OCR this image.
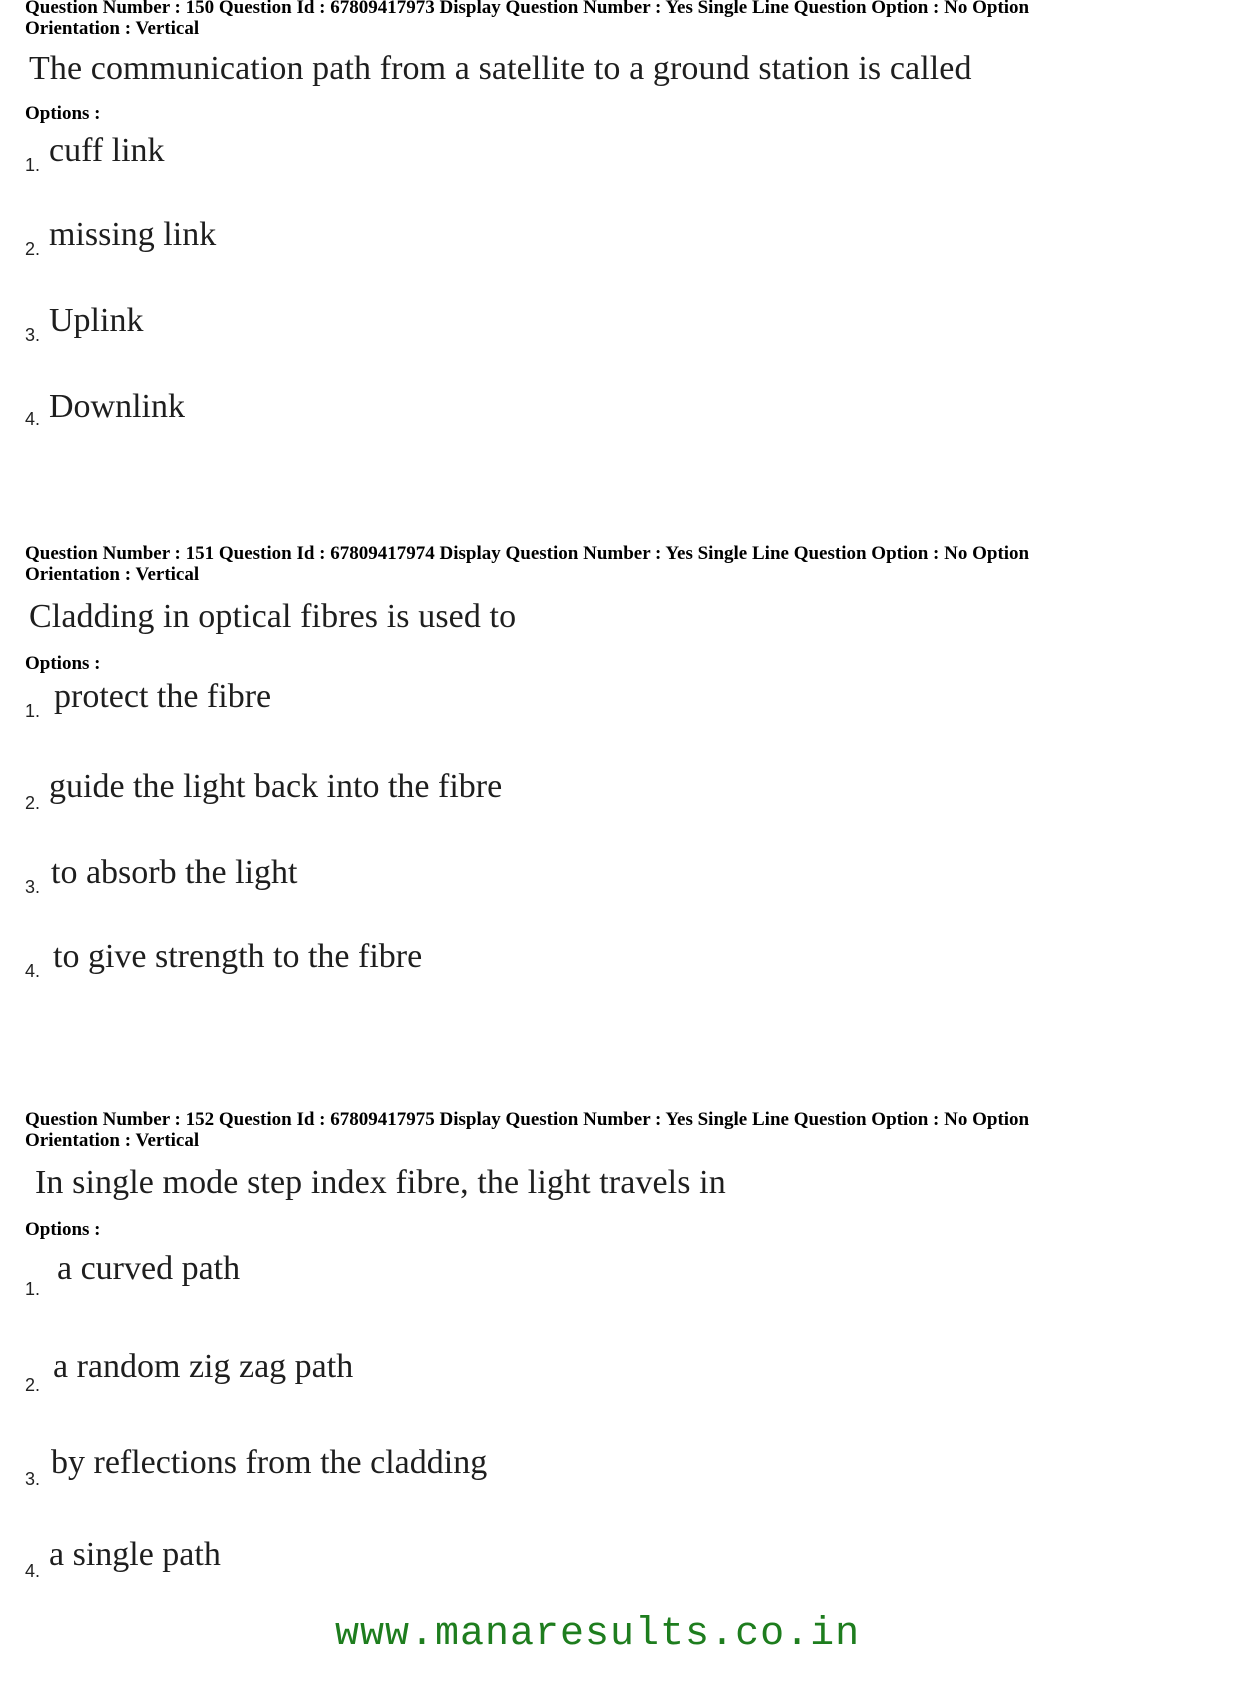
Question Number : 150 Question Id : 67809417973 Display Question Number : Yes Single Line Question Option : No Option
Orientation : Vertical
The communication path from a satellite to a ground station is called
Options :
1. cuff link
2. missing link
3. Uplink
4. Downlink
Question Number : 151 Question Id : 67809417974 Display Question Number : Yes Single Line Question Option : No Option
Orientation : Vertical
Cladding in optical fibres is used to
Options :
1. protect the fibre
2. guide the light back into the fibre
3. to absorb the light
4. to give strength to the fibre
Question Number : 152 Question Id : 67809417975 Display Question Number : Yes Single Line Question Option : No Option
Orientation : Vertical
In single mode step index fibre, the light travels in
Options :
1.
a curved path
2. a random zig zag path
3. by reflections from the cladding
4. a single path
www.manaresults.co.in
